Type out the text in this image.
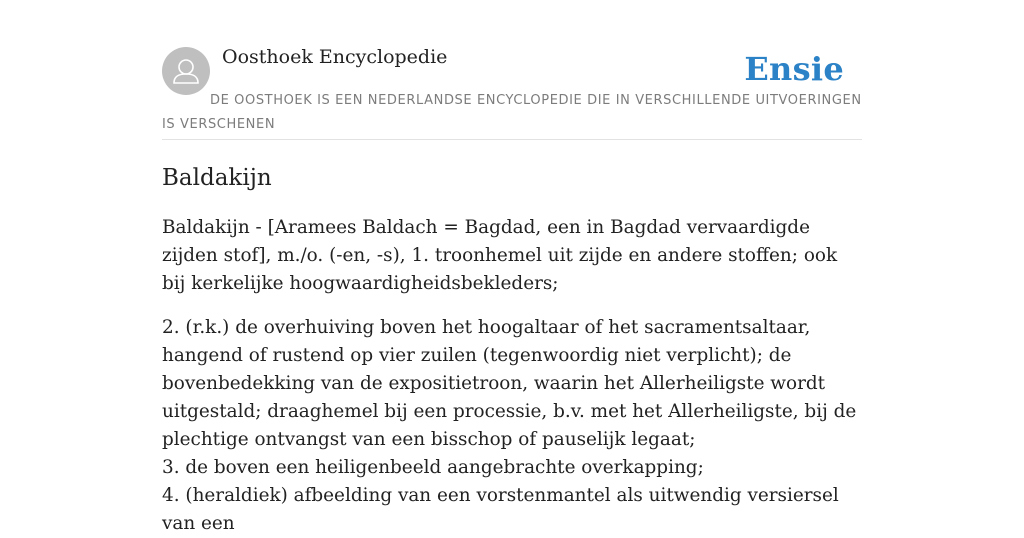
Oosthoek Encyclopedie	Ensie
DE OOSTHOEK IS EEN NEDERLANDSE ENCYCLOPEDIE DIE IN VERSCHILLENDE UITVOERINGEN IS VERSCHENEN
Baldakijn

Baldakijn - [Aramees Baldach = Bagdad, een in Bagdad vervaardigde zijden stof], m./o. (-en, -s), 1. troonhemel uit zijde en andere stoffen; ook bij kerkelijke hoogwaardigheidsbekleders;

2. (r.k.) de overhuiving boven het hoogaltaar of het sacramentsaltaar, hangend of rustend op vier zuilen (tegenwoordig niet verplicht); de bovenbedekking van de expositietroon, waarin het Allerheiligste wordt uitgestald; draaghemel bij een processie, b.v. met het Allerheiligste, bij de plechtige ontvangst van een bisschop of pauselijk legaat;
3. de boven een heiligenbeeld aangebrachte overkapping;
4. (heraldiek) afbeelding van een vorstenmantel als uitwendig versiersel van een
